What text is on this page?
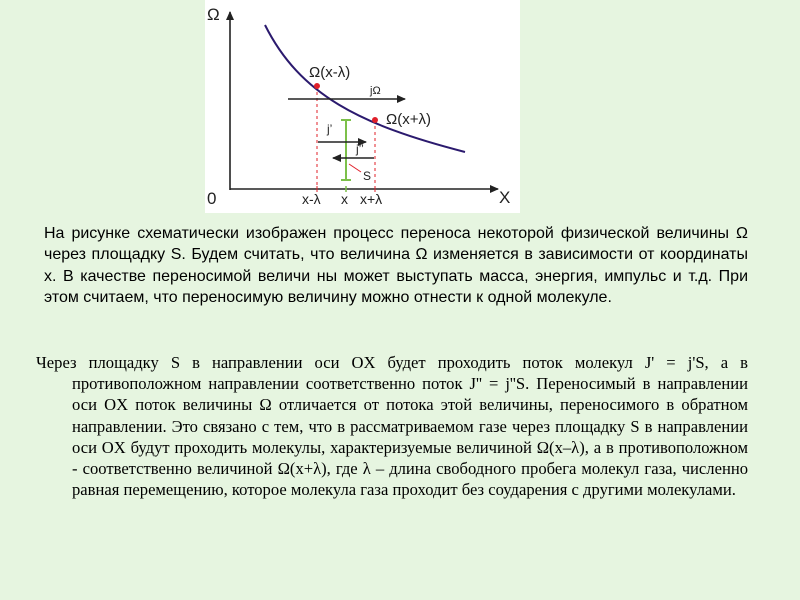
Ω
X
0
Ω(x-λ)
Ω(x+λ)
jΩ
j’
j’’
S
x-λ x x+λ

На рисунке схематически изображен процесс переноса некоторой физической величины Ω через площадку S. Будем считать, что величина Ω изменяется в зависимости от координаты x. В качестве переносимой величи ны может выступать масса, энергия, импульс и т.д. При этом считаем, что переносимую величину можно отнести к одной молекуле.

Через площадку S в направлении оси OX будет проходить поток молекул J' = j'S, а в противоположном направлении соответственно поток J'' = j''S. Переносимый в направлении оси OX поток величины Ω отличается от потока этой величины, переносимого в обратном направлении. Это связано с тем, что в рассматриваемом газе через площадку S в направлении оси OX будут проходить молекулы, характеризуемые величиной Ω(x–λ), а в противоположном - соответственно величиной Ω(x+λ), где λ – длина свободного пробега молекул газа, численно равная перемещению, которое молекула газа проходит без соударения с другими молекулами.
